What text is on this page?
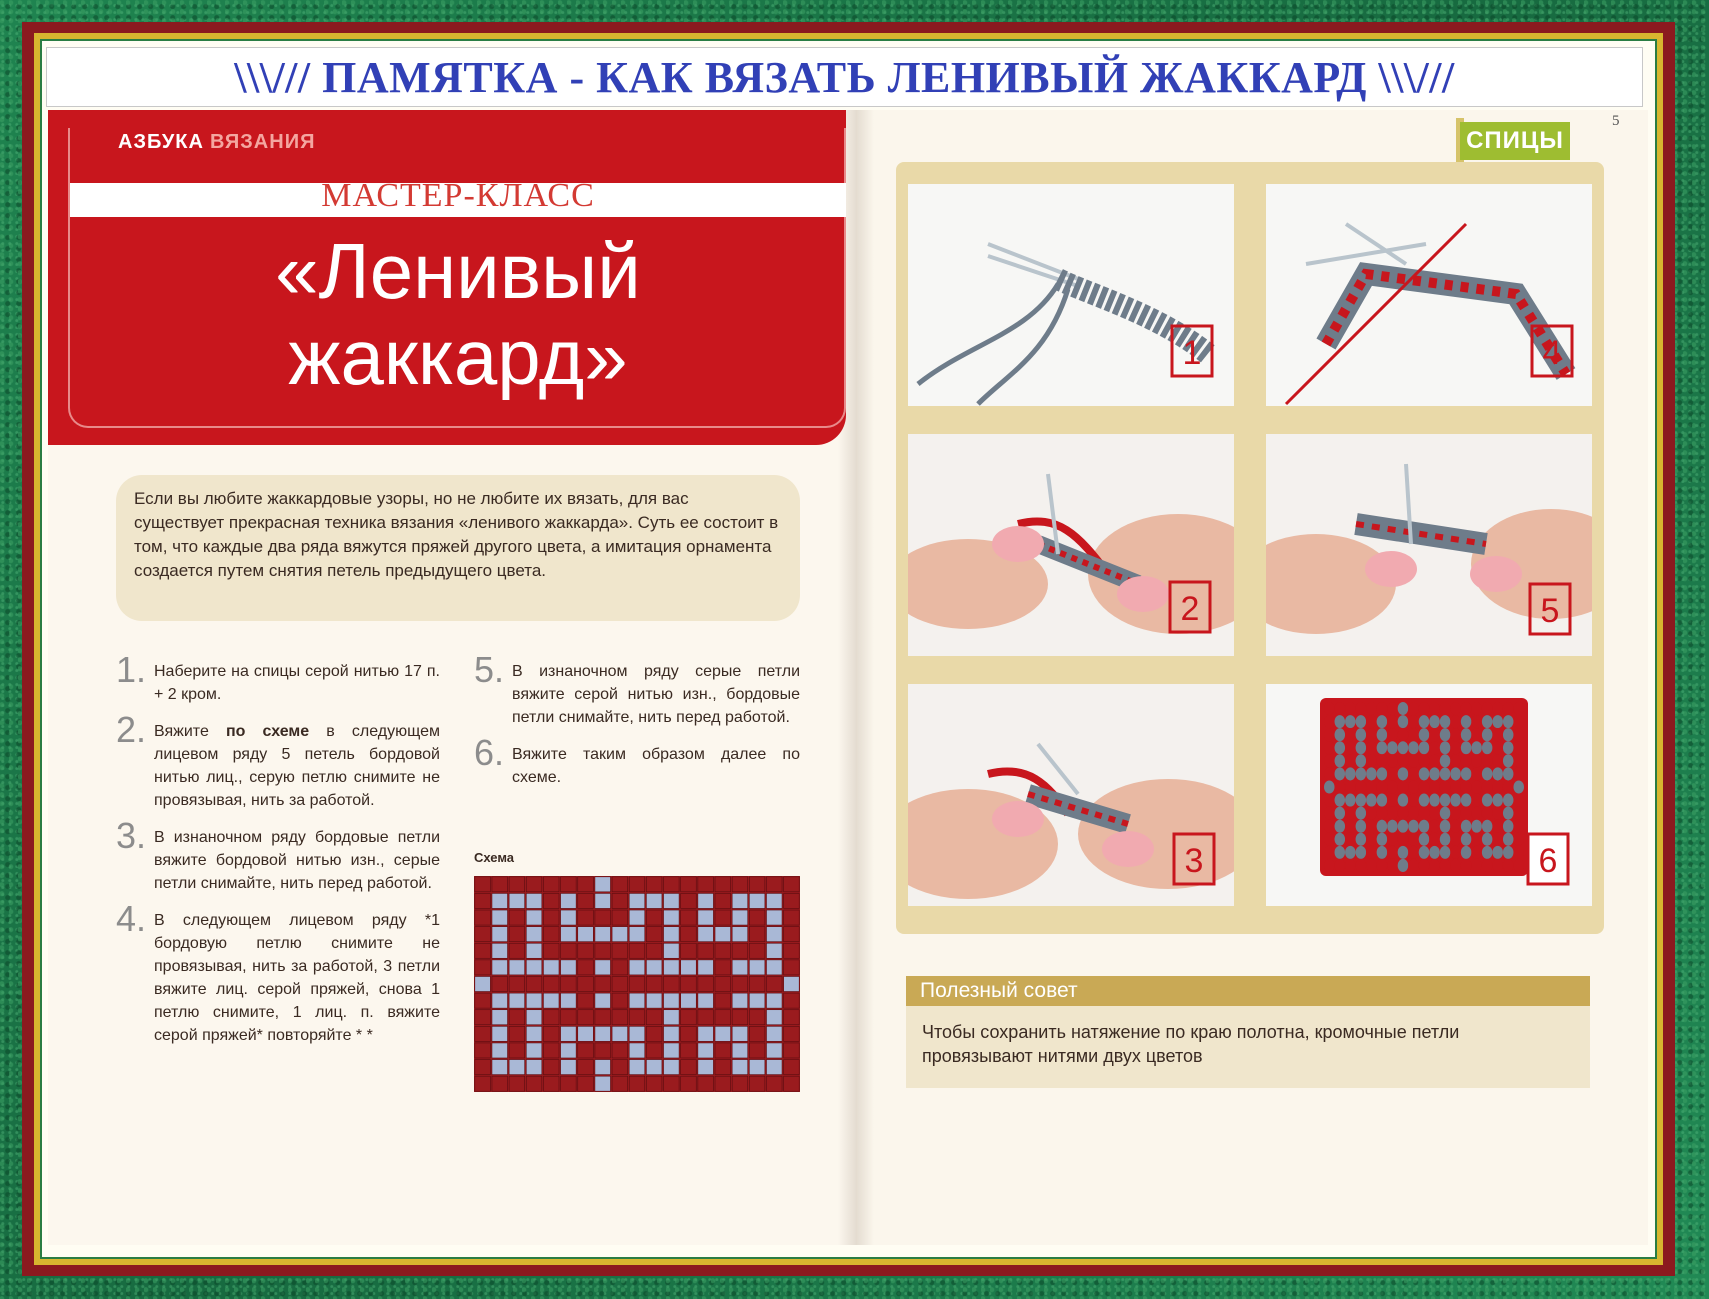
\\\/// ПАМЯТКА - КАК ВЯЗАТЬ ЛЕНИВЫЙ ЖАККАРД \\\///
АЗБУКА ВЯЗАНИЯ
МАСТЕР-КЛАСС
«Ленивый
жаккард»
Если вы любите жаккардовые узоры, но не любите их вязать, для вас существует прекрасная техника вязания «ленивого жаккарда». Суть ее состоит в том, что каждые два ряда вяжутся пряжей другого цвета, а имитация орнамента создается путем снятия петель предыдущего цвета.
1. Наберите на спицы серой нитью 17 п. + 2 кром.
2. Вяжите по схеме в следующем лицевом ряду 5 петель бордовой нитью лиц., серую петлю снимите не провязывая, нить за работой.
3. В изнаночном ряду бордовые петли вяжите бордовой нитью изн., серые петли снимайте, нить перед работой.
4. В следующем лицевом ряду *1 бордовую петлю снимите не провязывая, нить за работой, 3 петли вяжите лиц. серой пряжей, снова 1 петлю снимите, 1 лиц. п. вяжите серой пряжей* повторяйте * *
5. В изнаночном ряду серые петли вяжите серой нитью изн., бордовые петли снимайте, нить перед работой.
6. Вяжите таким образом далее по схеме.
Схема
СПИЦЫ
5
1	4
2	5
3	6
Полезный совет
Чтобы сохранить натяжение по краю полотна, кромочные петли провязывают нитями двух цветов
